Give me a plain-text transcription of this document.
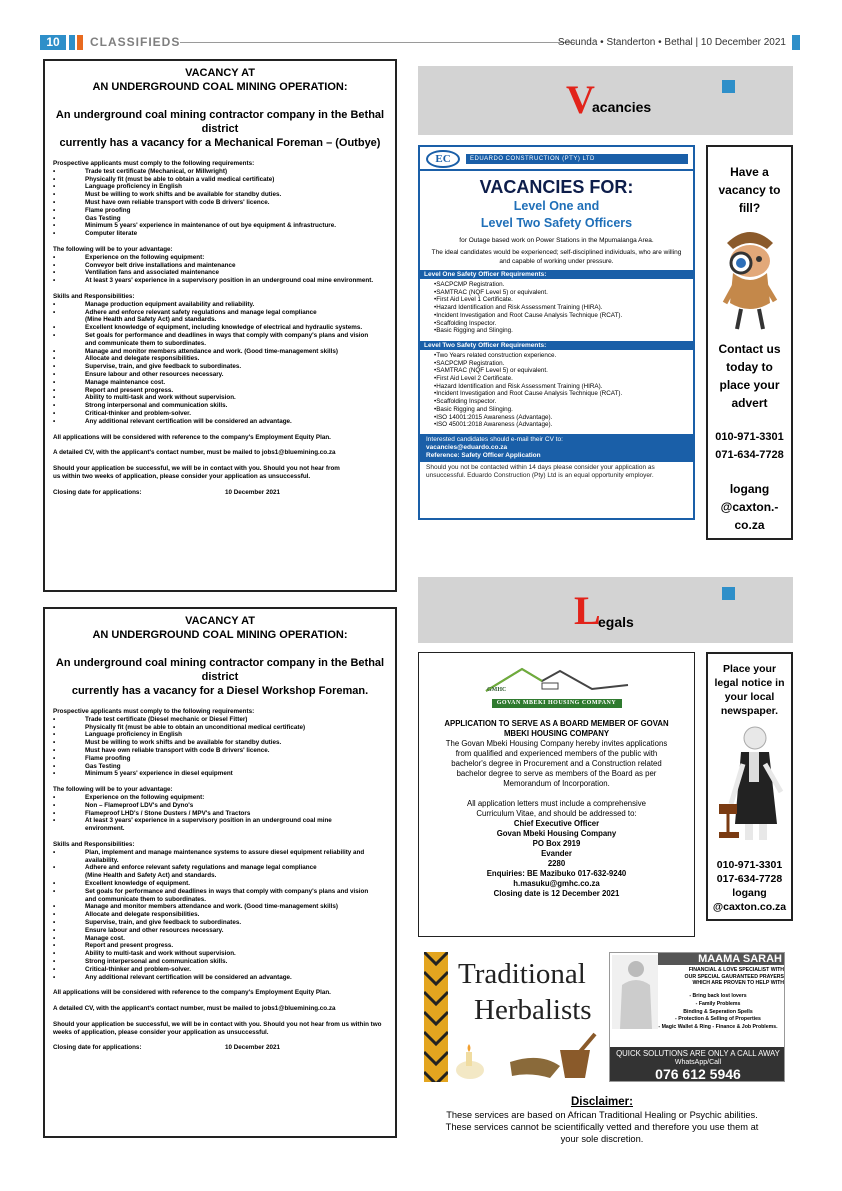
10	CLASSIFIEDS	Secunda • Standerton • Bethal | 10 December 2021
VACANCY AT
AN UNDERGROUND COAL MINING OPERATION:
An underground coal mining contractor company in the Bethal district
currently has a vacancy for a Mechanical Foreman – (Outbye)
Prospective applicants must comply to the following requirements:
• Trade test certificate (Mechanical, or Millwright)
• Physically fit (must be able to obtain a valid medical certificate)
• Language proficiency in English
• Must be willing to work shifts and be available for standby duties.
• Must have own reliable transport with code B drivers' licence.
• Flame proofing
• Gas Testing
• Minimum 5 years' experience in maintenance of out bye equipment & infrastructure.
• Computer literate
The following will be to your advantage:
• Experience on the following equipment:
• Conveyor belt drive installations and maintenance
• Ventilation fans and associated maintenance
• At least 3 years' experience in a supervisory position in an underground coal mine environment.
Skills and Responsibilities:
• Manage production equipment availability and reliability.
• Adhere and enforce relevant safety regulations and manage legal compliance
(Mine Health and Safety Act) and standards.
• Excellent knowledge of equipment, including knowledge of electrical and hydraulic systems.
• Set goals for performance and deadlines in ways that comply with company's plans and vision
and communicate them to subordinates.
• Manage and monitor members attendance and work. (Good time-management skills)
• Allocate and delegate responsibilities.
• Supervise, train, and give feedback to subordinates.
• Ensure labour and other resources necessary.
• Manage maintenance cost.
• Report and present progress.
• Ability to multi-task and work without supervision.
• Strong interpersonal and communication skills.
• Critical-thinker and problem-solver.
• Any additional relevant certification will be considered an advantage.
All applications will be considered with reference to the company's Employment Equity Plan.
A detailed CV, with the applicant's contact number, must be mailed to jobs1@bluemining.co.za
Should your application be successful, we will be in contact with you. Should you not hear from
us within two weeks of application, please consider your application as unsuccessful.
Closing date for applications:	10 December 2021
VACANCY AT
AN UNDERGROUND COAL MINING OPERATION:
An underground coal mining contractor company in the Bethal district
currently has a vacancy for a Diesel Workshop Foreman.
Prospective applicants must comply to the following requirements:
• Trade test certificate (Diesel mechanic or Diesel Fitter)
• Physically fit (must be able to obtain an unconditional medical certificate)
• Language proficiency in English
• Must be willing to work shifts and be available for standby duties.
• Must have own reliable transport with code B drivers' licence.
• Flame proofing
• Gas Testing
• Minimum 5 years' experience in diesel equipment
The following will be to your advantage:
• Experience on the following equipment:
• Non – Flameproof LDV's and Dyno's
• Flameproof LHD's / Stone Dusters / MPV's and Tractors
• At least 3 years' experience in a supervisory position in an underground coal mine
environment.
Skills and Responsibilities:
• Plan, implement and manage maintenance systems to assure diesel equipment reliability and
availability.
• Adhere and enforce relevant safety regulations and manage legal compliance
(Mine Health and Safety Act) and standards.
• Excellent knowledge of equipment.
• Set goals for performance and deadlines in ways that comply with company's plans and vision
and communicate them to subordinates.
• Manage and monitor members attendance and work. (Good time-management skills)
• Allocate and delegate responsibilities.
• Supervise, train, and give feedback to subordinates.
• Ensure labour and other resources necessary.
• Manage cost.
• Report and present progress.
• Ability to multi-task and work without supervision.
• Strong interpersonal and communication skills.
• Critical-thinker and problem-solver.
• Any additional relevant certification will be considered an advantage.
All applications will be considered with reference to the company's Employment Equity Plan.
A detailed CV, with the applicant's contact number, must be mailed to jobs1@bluemining.co.za
Should your application be successful, we will be in contact with you. Should you not hear from us within two
weeks of application, please consider your application as unsuccessful.
Closing date for applications:	10 December 2021
V
acancies
EC	EDUARDO CONSTRUCTION (PTY) LTD
VACANCIES FOR:
Level One and
Level Two Safety Officers
for Outage based work on Power Stations in the Mpumalanga Area.
The ideal candidates would be experienced; self-disciplined individuals, who are willing and capable of working under pressure.
Level One Safety Officer Requirements:
• SACPCMP Registration.
• SAMTRAC (NQF Level 5) or equivalent.
• First Aid Level 1 Certificate.
• Hazard Identification and Risk Assessment Training (HIRA).
• Incident Investigation and Root Cause Analysis Technique (RCAT).
• Scaffolding Inspector.
• Basic Rigging and Slinging.
Level Two Safety Officer Requirements:
• Two Years related construction experience.
• SACPCMP Registration.
• SAMTRAC (NQF Level 5) or equivalent.
• First Aid Level 2 Certificate.
• Hazard Identification and Risk Assessment Training (HIRA).
• Incident Investigation and Root Cause Analysis Technique (RCAT).
• Scaffolding Inspector.
• Basic Rigging and Slinging.
• ISO 14001:2015 Awareness (Advantage).
• ISO 45001:2018 Awareness (Advantage).
Interested candidates should e-mail their CV to:
vacancies@eduardo.co.za
Reference: Safety Officer Application
Should you not be contacted within 14 days please consider your application as unsuccessful. Eduardo Construction (Pty) Ltd is an equal opportunity employer.
Have a
vacancy to
fill?
Contact us
today to
place your
advert
010-971-3301
071-634-7728
logang
@caxton.-
co.za
L
egals
GMHC
GOVAN MBEKI HOUSING COMPANY
APPLICATION TO SERVE AS A BOARD MEMBER OF GOVAN
MBEKI HOUSING COMPANY
The Govan Mbeki Housing Company hereby invites applications
from qualified and experienced members of the public with
bachelor's degree in Procurement and a Construction related
bachelor degree to serve as members of the Board as per
Memorandum of Incorporation.
All application letters must include a comprehensive
Curriculum Vitae, and should be addressed to:
Chief Executive Officer
Govan Mbeki Housing Company
PO Box 2919
Evander
2280
Enquiries: BE Mazibuko 017-632-9240
h.masuku@gmhc.co.za
Closing date is 12 December 2021
Place your
legal notice in
your local
newspaper.
010-971-3301
017-634-7728
logang
@caxton.co.za
Traditional
Herbalists
MAAMA SARAH
FINANCIAL & LOVE SPECIALIST WITH
OUR SPECIAL GAURANTEED PRAYERS
WHICH ARE PROVEN TO HELP WITH
- Bring back lost lovers
- Family Problems
Binding & Seperation Spells
- Protection & Selling of Properties
- Magic Wallet & Ring - Finance & Job Problems.
QUICK SOLUTIONS ARE ONLY A CALL AWAY
WhatsApp/Call
076 612 5946
Disclaimer:
These services are based on African Traditional Healing or Psychic abilities.
These services cannot be scientifically vetted and therefore you use them at
your sole discretion.
